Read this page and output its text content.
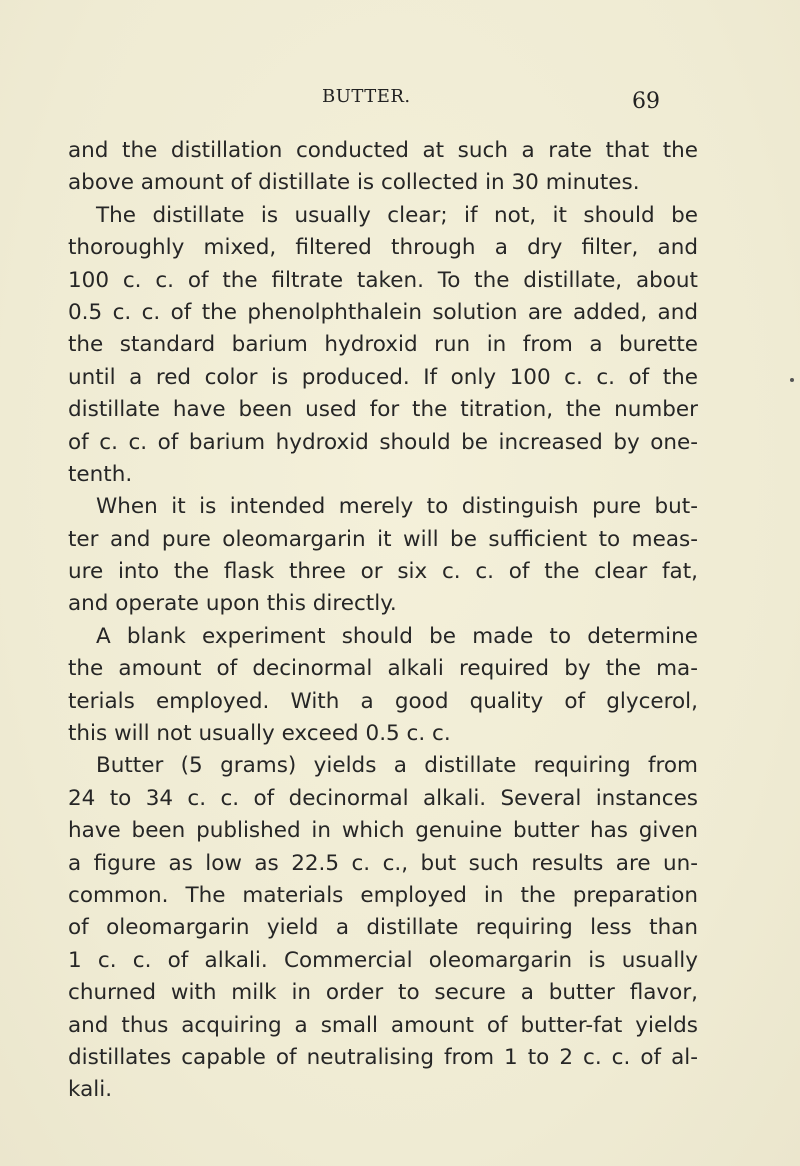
BUTTER.	69
and the distillation conducted at such a rate that the
above amount of distillate is collected in 30 minutes.
The distillate is usually clear; if not, it should be
thoroughly mixed, filtered through a dry filter, and
100 c. c. of the filtrate taken. To the distillate, about
0.5 c. c. of the phenolphthalein solution are added, and
the standard barium hydroxid run in from a burette
until a red color is produced. If only 100 c. c. of the
distillate have been used for the titration, the number
of c. c. of barium hydroxid should be increased by one-
tenth.
When it is intended merely to distinguish pure but-
ter and pure oleomargarin it will be sufficient to meas-
ure into the flask three or six c. c. of the clear fat,
and operate upon this directly.
A blank experiment should be made to determine
the amount of decinormal alkali required by the ma-
terials employed. With a good quality of glycerol,
this will not usually exceed 0.5 c. c.
Butter (5 grams) yields a distillate requiring from
24 to 34 c. c. of decinormal alkali. Several instances
have been published in which genuine butter has given
a figure as low as 22.5 c. c., but such results are un-
common. The materials employed in the preparation
of oleomargarin yield a distillate requiring less than
1 c. c. of alkali. Commercial oleomargarin is usually
churned with milk in order to secure a butter flavor,
and thus acquiring a small amount of butter-fat yields
distillates capable of neutralising from 1 to 2 c. c. of al-
kali.
